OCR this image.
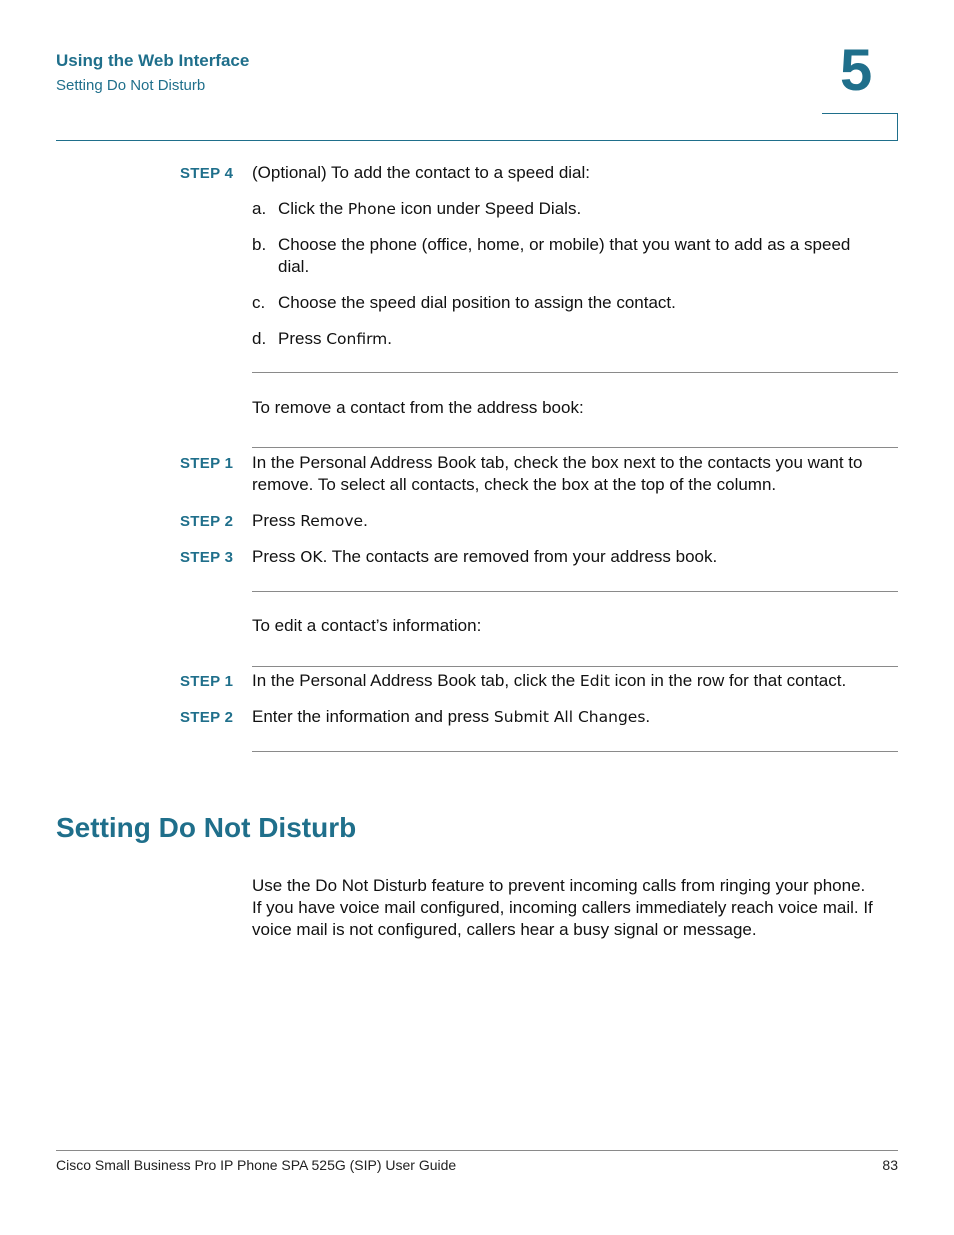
Using the Web Interface
Setting Do Not Disturb	5
STEP 4 (Optional) To add the contact to a speed dial:
a. Click the Phone icon under Speed Dials.
b. Choose the phone (office, home, or mobile) that you want to add as a speed
dial.
c. Choose the speed dial position to assign the contact.
d. Press Confirm.
To remove a contact from the address book:
STEP 1 In the Personal Address Book tab, check the box next to the contacts you want to
remove. To select all contacts, check the box at the top of the column.
STEP 2 Press Remove.
STEP 3 Press OK. The contacts are removed from your address book.
To edit a contact’s information:
STEP 1 In the Personal Address Book tab, click the Edit icon in the row for that contact.
STEP 2 Enter the information and press Submit All Changes.
Setting Do Not Disturb
Use the Do Not Disturb feature to prevent incoming calls from ringing your phone.
If you have voice mail configured, incoming callers immediately reach voice mail. If
voice mail is not configured, callers hear a busy signal or message.
Cisco Small Business Pro IP Phone SPA 525G (SIP) User Guide	83
